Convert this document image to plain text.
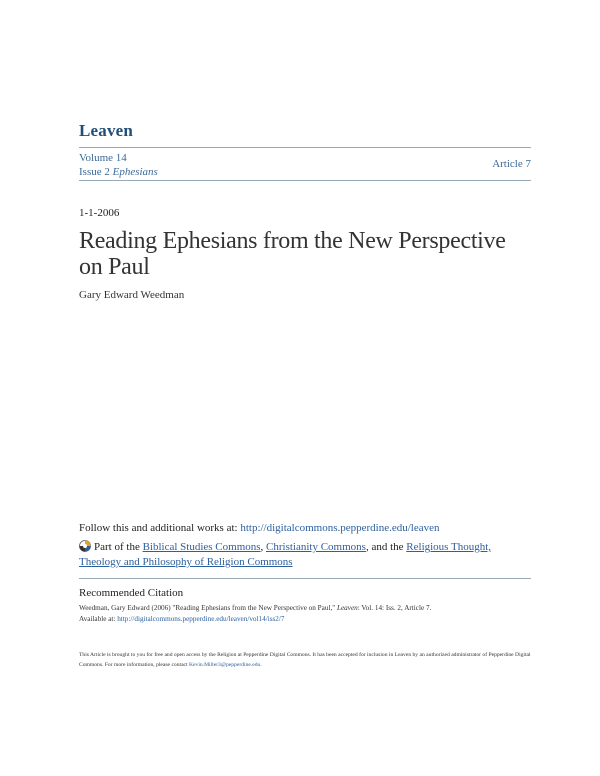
Leaven
Volume 14
Issue 2 Ephesians
Article 7
1-1-2006
Reading Ephesians from the New Perspective on Paul
Gary Edward Weedman
Follow this and additional works at: http://digitalcommons.pepperdine.edu/leaven
Part of the Biblical Studies Commons, Christianity Commons, and the Religious Thought, Theology and Philosophy of Religion Commons
Recommended Citation
Weedman, Gary Edward (2006) "Reading Ephesians from the New Perspective on Paul," Leaven: Vol. 14: Iss. 2, Article 7.
Available at: http://digitalcommons.pepperdine.edu/leaven/vol14/iss2/7
This Article is brought to you for free and open access by the Religion at Pepperdine Digital Commons. It has been accepted for inclusion in Leaven by an authorized administrator of Pepperdine Digital Commons. For more information, please contact Kevin.Miller3@pepperdine.edu.
